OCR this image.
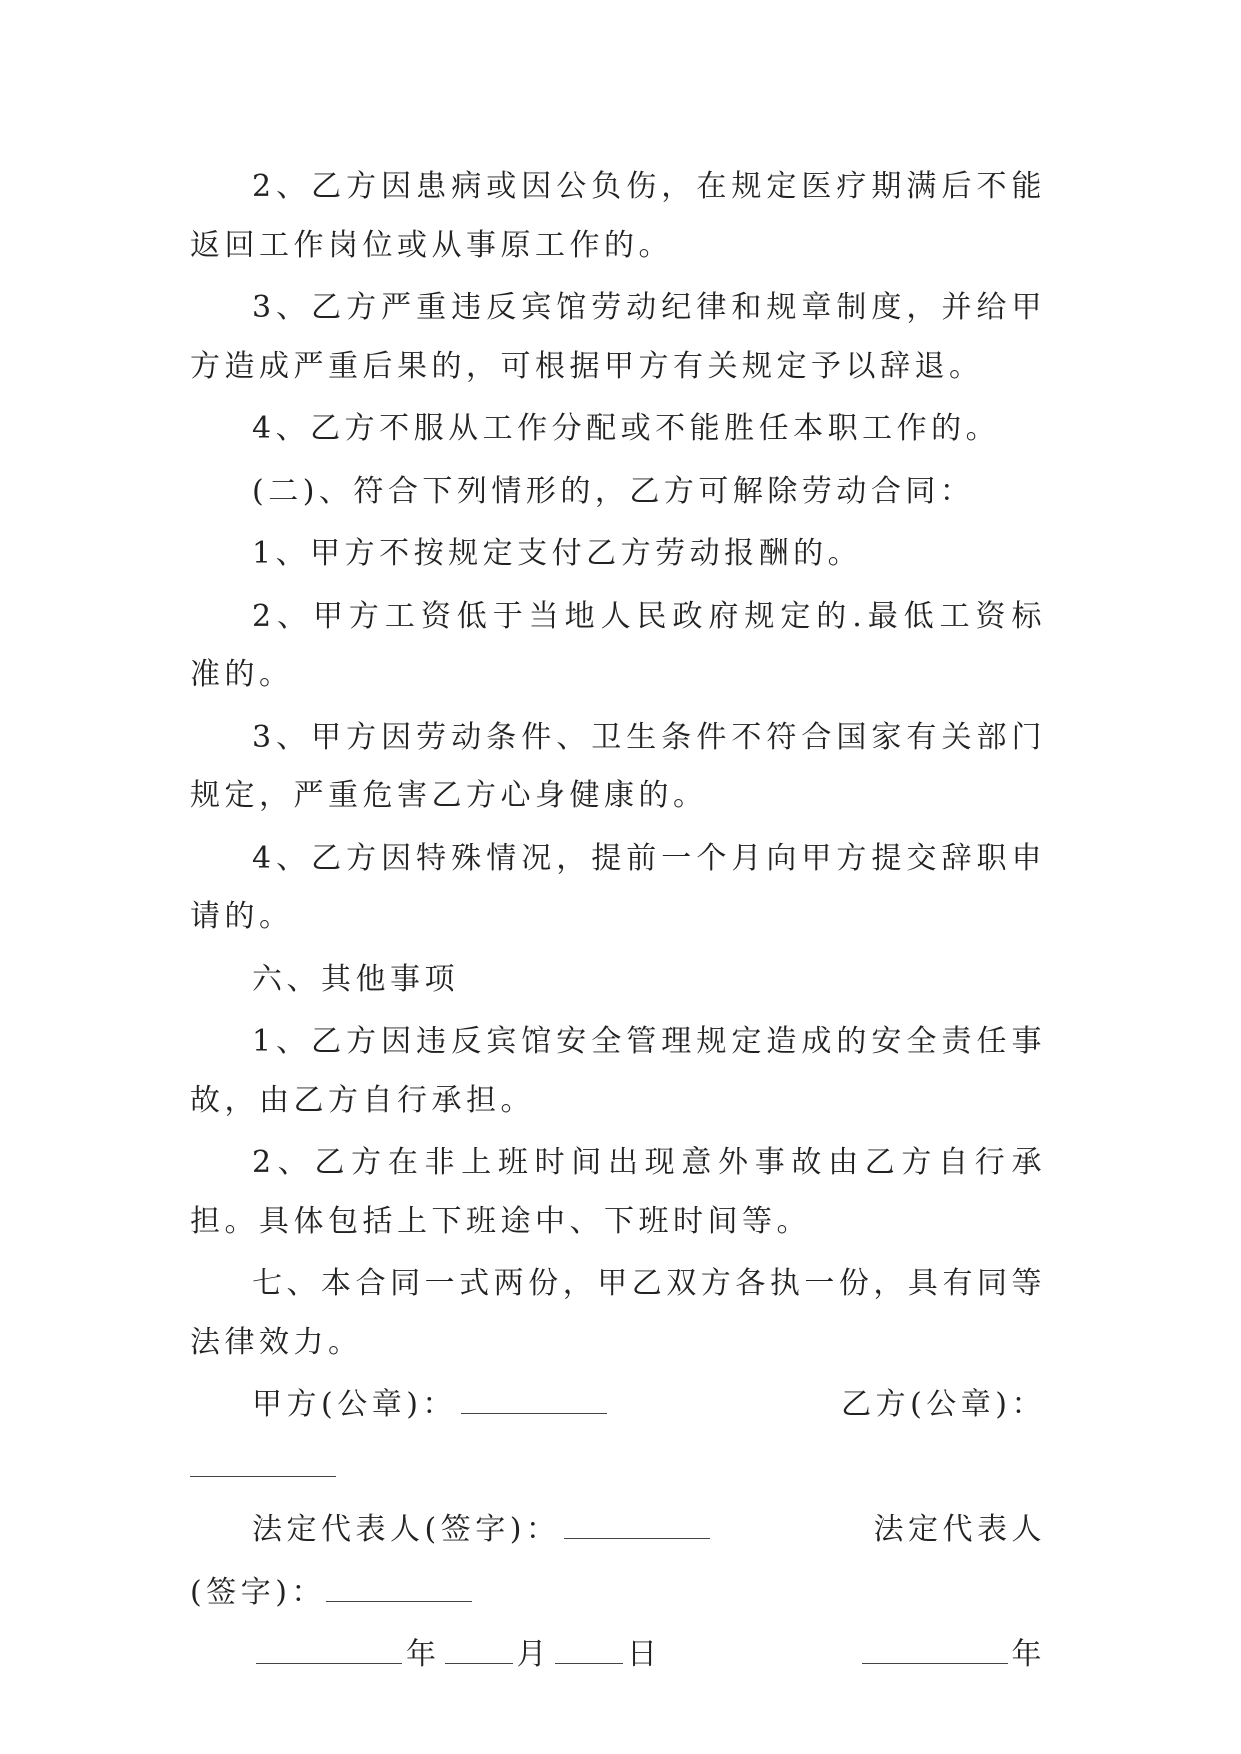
2、乙方因患病或因公负伤，在规定医疗期满后不能返回工作岗位或从事原工作的。

3、乙方严重违反宾馆劳动纪律和规章制度，并给甲方造成严重后果的，可根据甲方有关规定予以辞退。

4、乙方不服从工作分配或不能胜任本职工作的。

(二)、符合下列情形的，乙方可解除劳动合同：

1、甲方不按规定支付乙方劳动报酬的。

2、甲方工资低于当地人民政府规定的.最低工资标准的。

3、甲方因劳动条件、卫生条件不符合国家有关部门规定，严重危害乙方心身健康的。

4、乙方因特殊情况，提前一个月向甲方提交辞职申请的。

六、其他事项

1、乙方因违反宾馆安全管理规定造成的安全责任事故，由乙方自行承担。

2、乙方在非上班时间出现意外事故由乙方自行承担。具体包括上下班途中、下班时间等。

七、本合同一式两份，甲乙双方各执一份，具有同等法律效力。

甲方(公章)：	乙方(公章)：
法定代表人(签字)：	法定代表人
(签字)：
年	月	日	年
